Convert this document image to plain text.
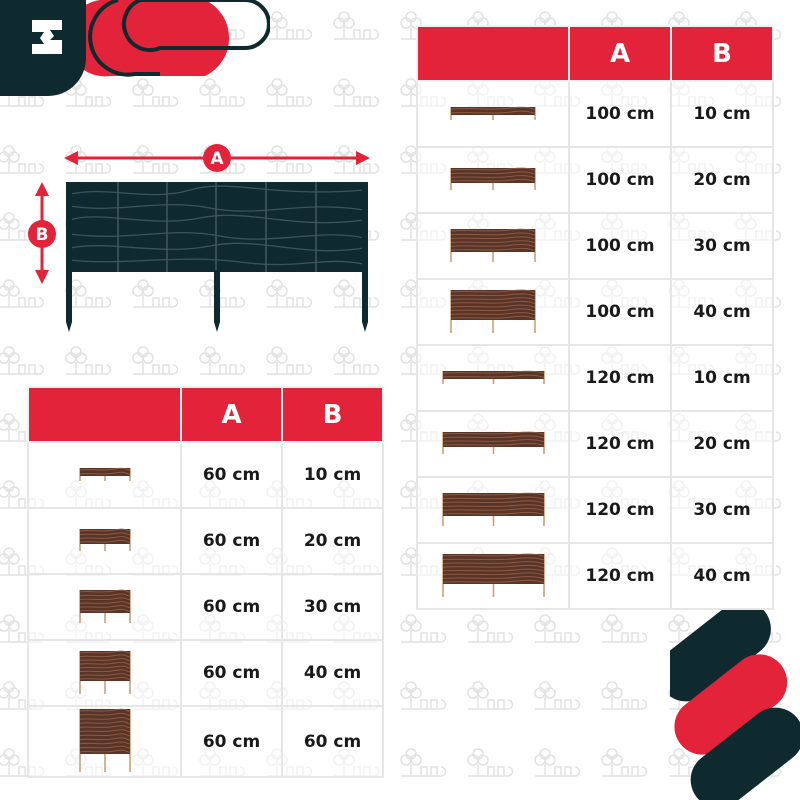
A
B
	A	B

	60 cm	10 cm

	60 cm	20 cm

	60 cm	30 cm

	60 cm	40 cm

	60 cm	60 cm
	A	B

	100 cm	10 cm

	100 cm	20 cm

	100 cm	30 cm

	100 cm	40 cm

	120 cm	10 cm

	120 cm	20 cm

	120 cm	30 cm

	120 cm	40 cm
